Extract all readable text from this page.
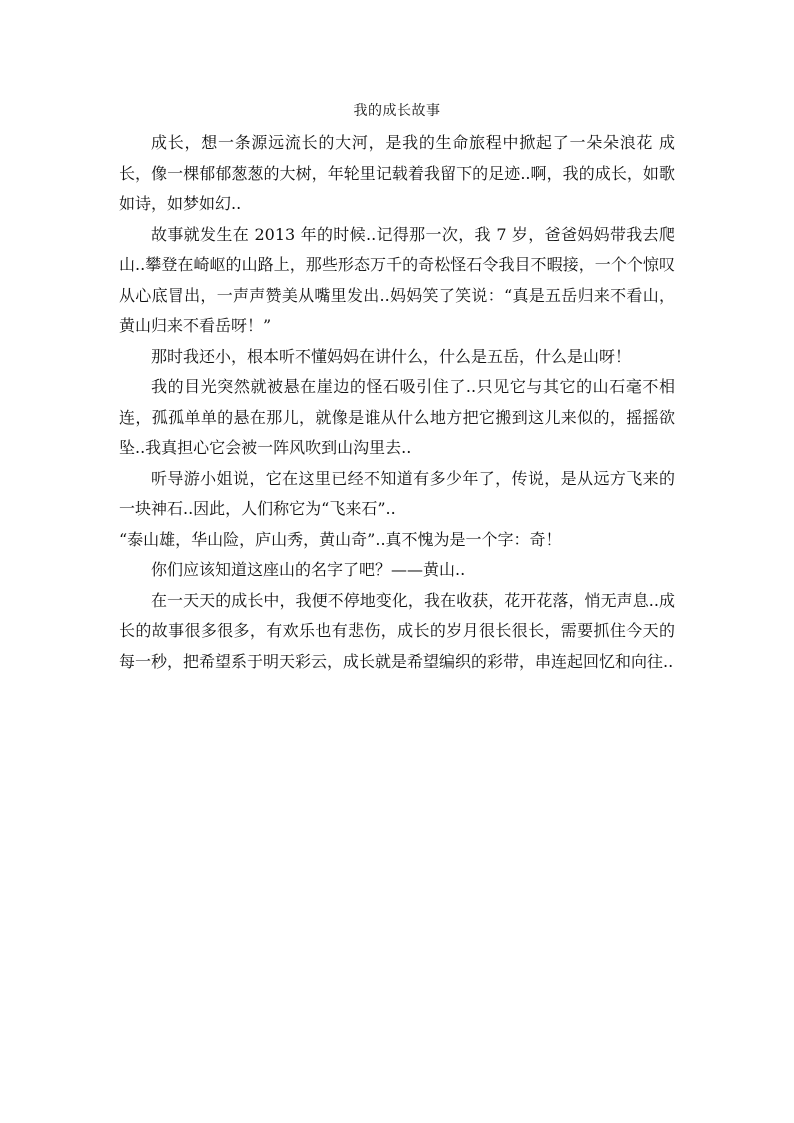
我的成长故事

成长，想一条源远流长的大河，是我的生命旅程中掀起了一朵朵浪花 成长，像一棵郁郁葱葱的大树，年轮里记载着我留下的足迹..啊，我的成长，如歌如诗，如梦如幻..

故事就发生在 2013 年的时候..记得那一次，我 7 岁，爸爸妈妈带我去爬山..攀登在崎岖的山路上，那些形态万千的奇松怪石令我目不暇接，一个个惊叹从心底冒出，一声声赞美从嘴里发出..妈妈笑了笑说：“真是五岳归来不看山，黄山归来不看岳呀！”

那时我还小，根本听不懂妈妈在讲什么，什么是五岳，什么是山呀！

我的目光突然就被悬在崖边的怪石吸引住了..只见它与其它的山石毫不相连，孤孤单单的悬在那儿，就像是谁从什么地方把它搬到这儿来似的，摇摇欲坠..我真担心它会被一阵风吹到山沟里去..

听导游小姐说，它在这里已经不知道有多少年了，传说，是从远方飞来的一块神石..因此，人们称它为“飞来石”..

“泰山雄，华山险，庐山秀，黄山奇”..真不愧为是一个字：奇！

你们应该知道这座山的名字了吧？——黄山..

在一天天的成长中，我便不停地变化，我在收获，花开花落，悄无声息..成长的故事很多很多，有欢乐也有悲伤，成长的岁月很长很长，需要抓住今天的每一秒，把希望系于明天彩云，成长就是希望编织的彩带，串连起回忆和向往..
